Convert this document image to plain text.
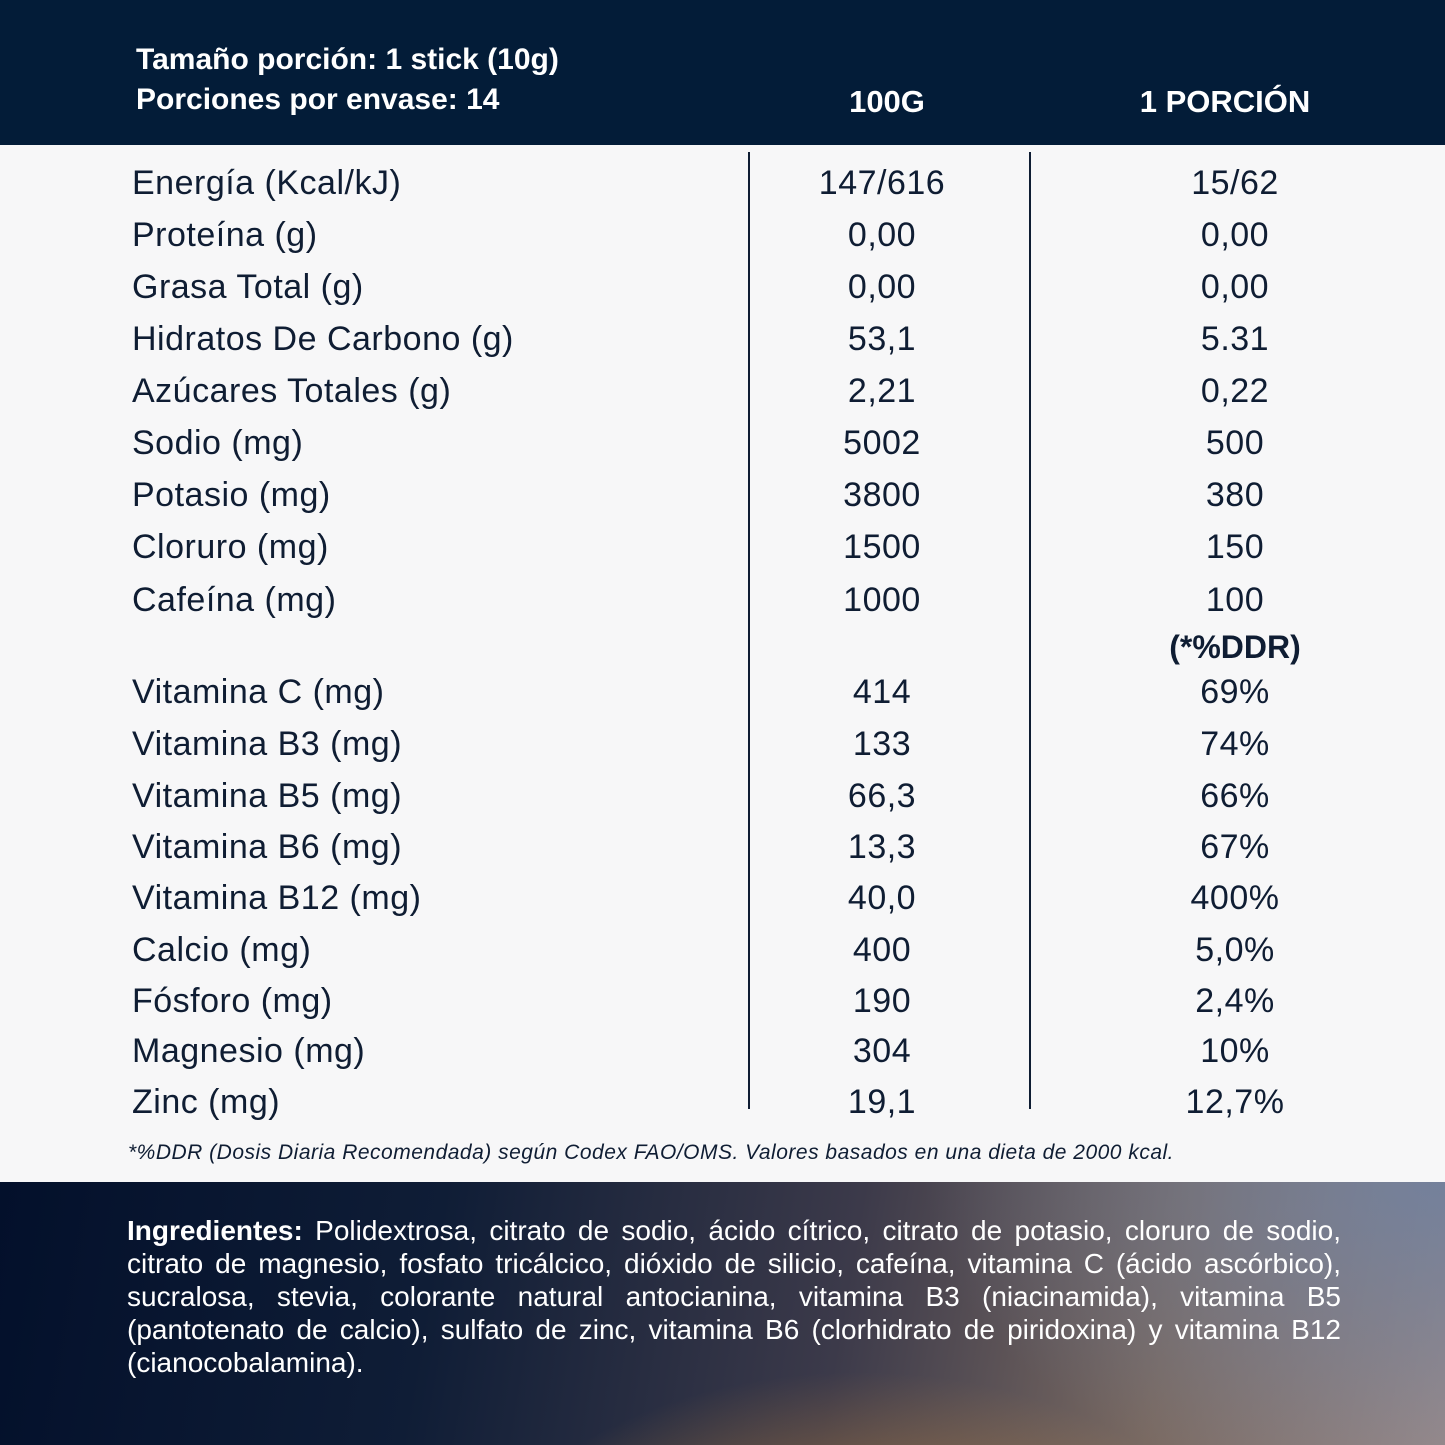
Tamaño porción: 1 stick (10g)
Porciones por envase: 14	100G	1 PORCIÓN
Energía (Kcal/kJ)	147/616	15/62
Proteína (g)	0,00	0,00
Grasa Total (g)	0,00	0,00
Hidratos De Carbono (g)	53,1	5.31
Azúcares Totales (g)	2,21	0,22
Sodio (mg)	5002	500
Potasio (mg)	3800	380
Cloruro (mg)	1500	150
Cafeína (mg)	1000	100
(*%DDR)
Vitamina C (mg)	414	69%
Vitamina B3 (mg)	133	74%
Vitamina B5 (mg)	66,3	66%
Vitamina B6 (mg)	13,3	67%
Vitamina B12 (mg)	40,0	400%
Calcio (mg)	400	5,0%
Fósforo (mg)	190	2,4%
Magnesio (mg)	304	10%
Zinc (mg)	19,1	12,7%
*%DDR (Dosis Diaria Recomendada) según Codex FAO/OMS. Valores basados en una dieta de 2000 kcal.
Ingredientes: Polidextrosa, citrato de sodio, ácido cítrico, citrato de potasio, cloruro de sodio, citrato de magnesio, fosfato tricálcico, dióxido de silicio, cafeína, vitamina C (ácido ascórbico), sucralosa, stevia, colorante natural antocianina, vitamina B3 (niacinamida), vitamina B5 (pantotenato de calcio), sulfato de zinc, vitamina B6 (clorhidrato de piridoxina) y vitamina B12 (cianocobalamina).
